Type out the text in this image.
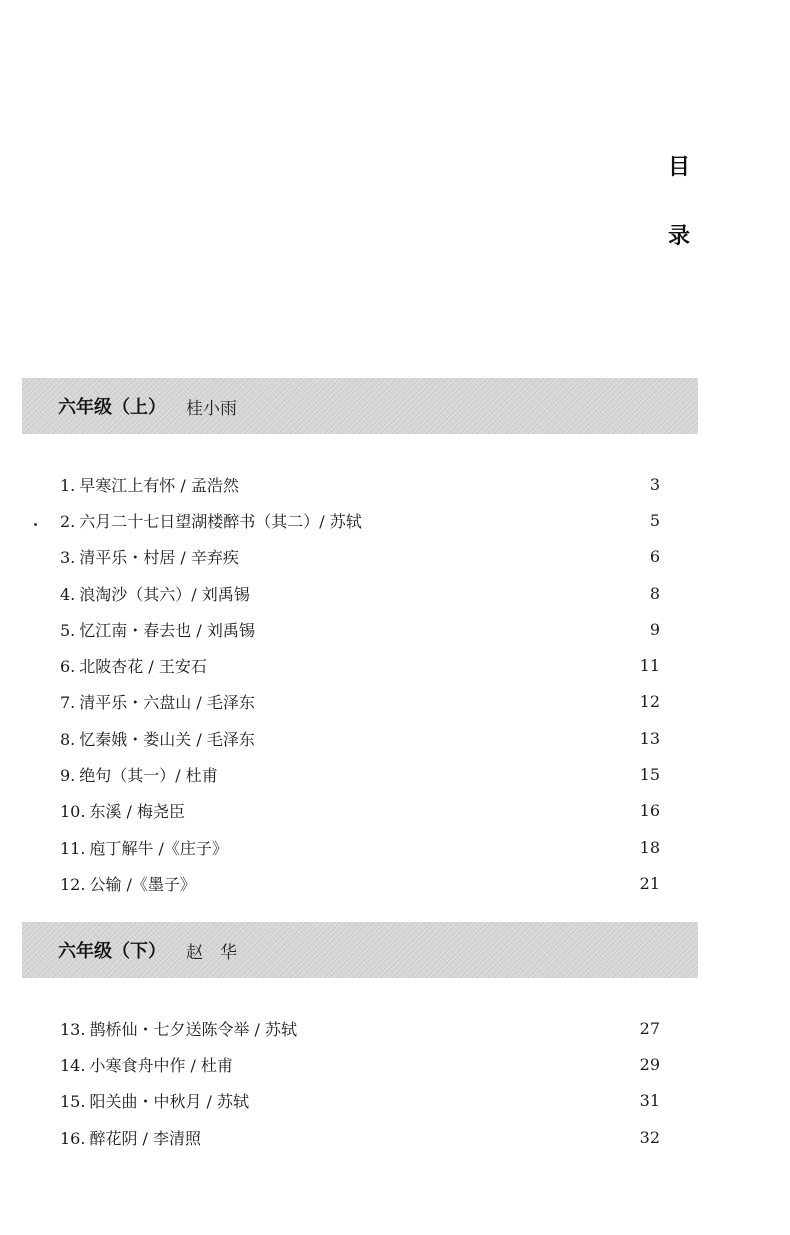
目
录
六年级（上） 桂小雨
1. 早寒江上有怀 / 孟浩然	3
2. 六月二十七日望湖楼醉书（其二）/ 苏轼	5
3. 清平乐・村居 / 辛弃疾	6
4. 浪淘沙（其六）/ 刘禹锡	8
5. 忆江南・春去也 / 刘禹锡	9
6. 北陂杏花 / 王安石	11
7. 清平乐・六盘山 / 毛泽东	12
8. 忆秦娥・娄山关 / 毛泽东	13
9. 绝句（其一）/ 杜甫	15
10. 东溪 / 梅尧臣	16
11. 庖丁解牛 /《庄子》	18
12. 公输 /《墨子》	21
六年级（下） 赵　华
13. 鹊桥仙・七夕送陈令举 / 苏轼	27
14. 小寒食舟中作 / 杜甫	29
15. 阳关曲・中秋月 / 苏轼	31
16. 醉花阴 / 李清照	32
